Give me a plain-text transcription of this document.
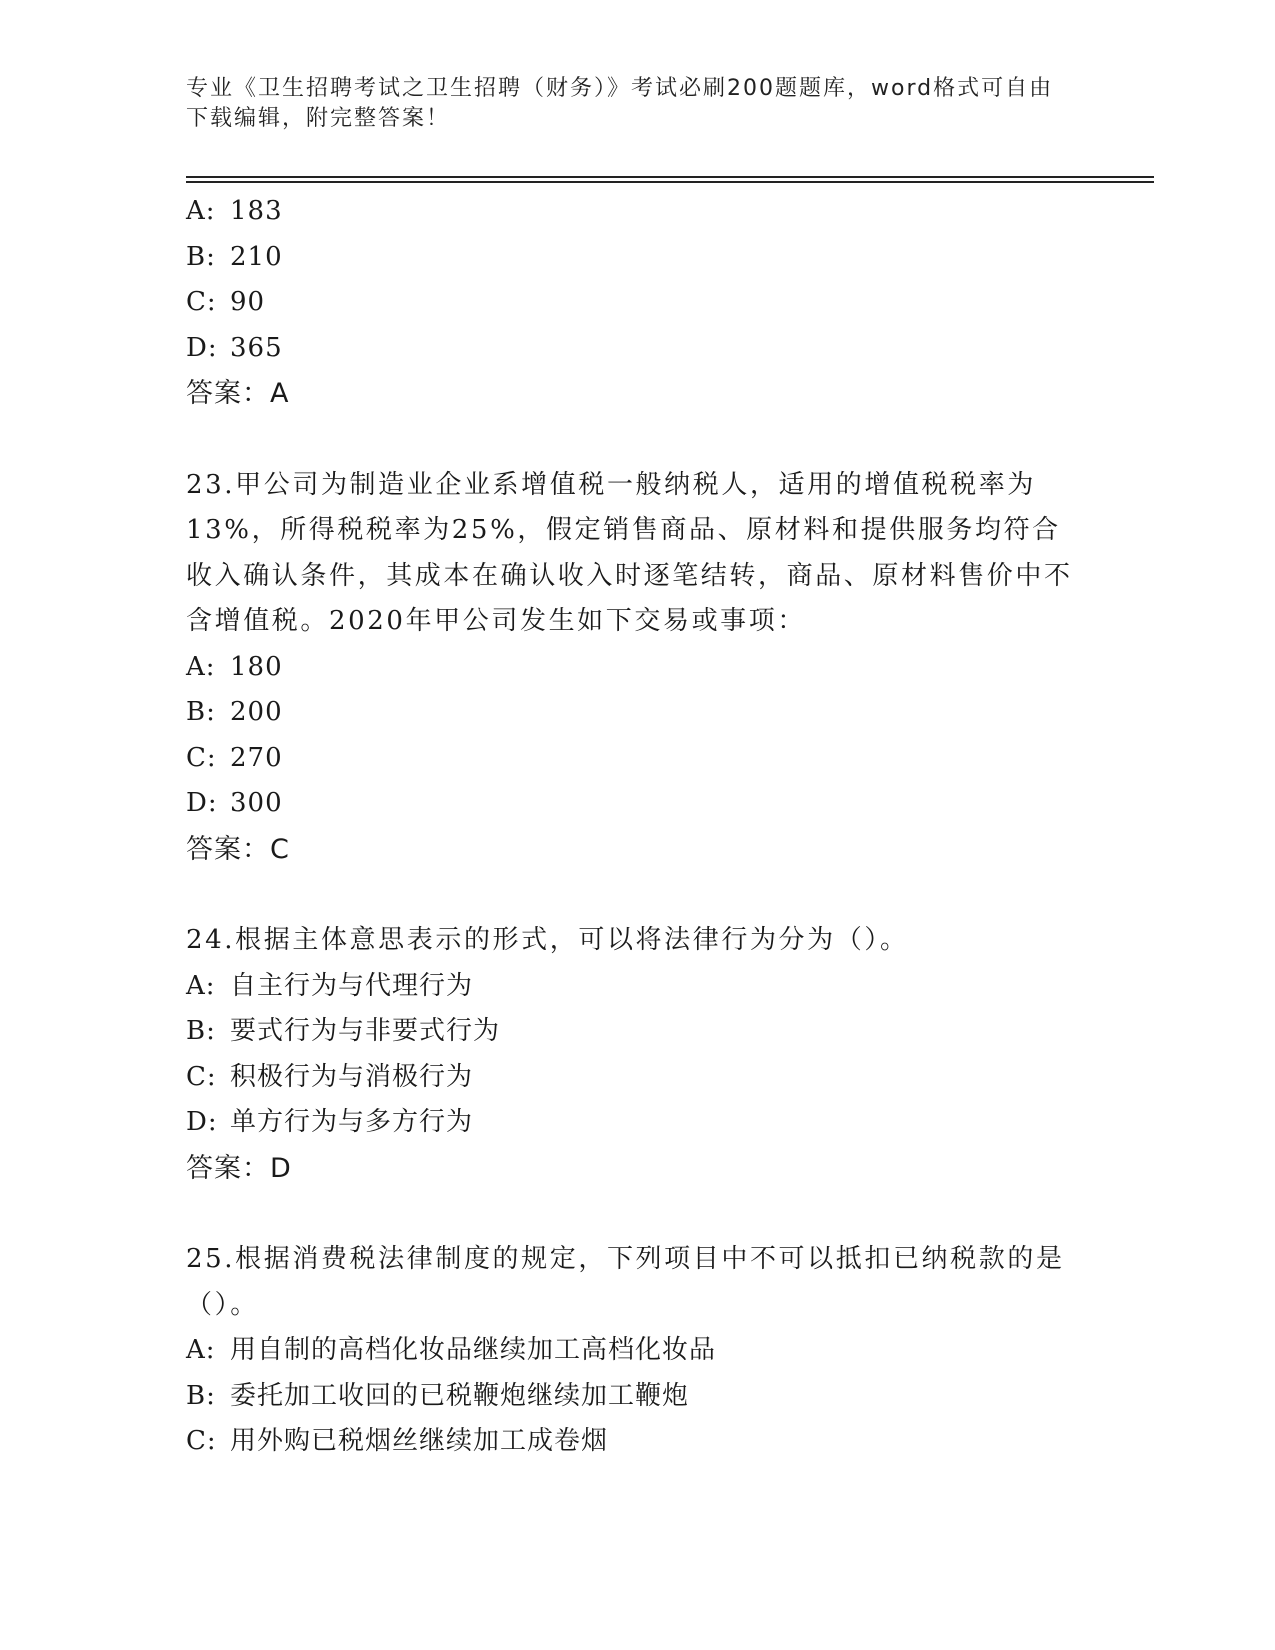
专业《卫生招聘考试之卫生招聘（财务）》考试必刷200题题库，word格式可自由下载编辑，附完整答案！
A: 183
B: 210
C: 90
D: 365
答案：A
23.甲公司为制造业企业系增值税一般纳税人，适用的增值税税率为13%，所得税税率为25%，假定销售商品、原材料和提供服务均符合收入确认条件，其成本在确认收入时逐笔结转，商品、原材料售价中不含增值税。2020年甲公司发生如下交易或事项：
A: 180
B: 200
C: 270
D: 300
答案：C
24.根据主体意思表示的形式，可以将法律行为分为（）。
A: 自主行为与代理行为
B: 要式行为与非要式行为
C: 积极行为与消极行为
D: 单方行为与多方行为
答案：D
25.根据消费税法律制度的规定，下列项目中不可以抵扣已纳税款的是（）。
A: 用自制的高档化妆品继续加工高档化妆品
B: 委托加工收回的已税鞭炮继续加工鞭炮
C: 用外购已税烟丝继续加工成卷烟
